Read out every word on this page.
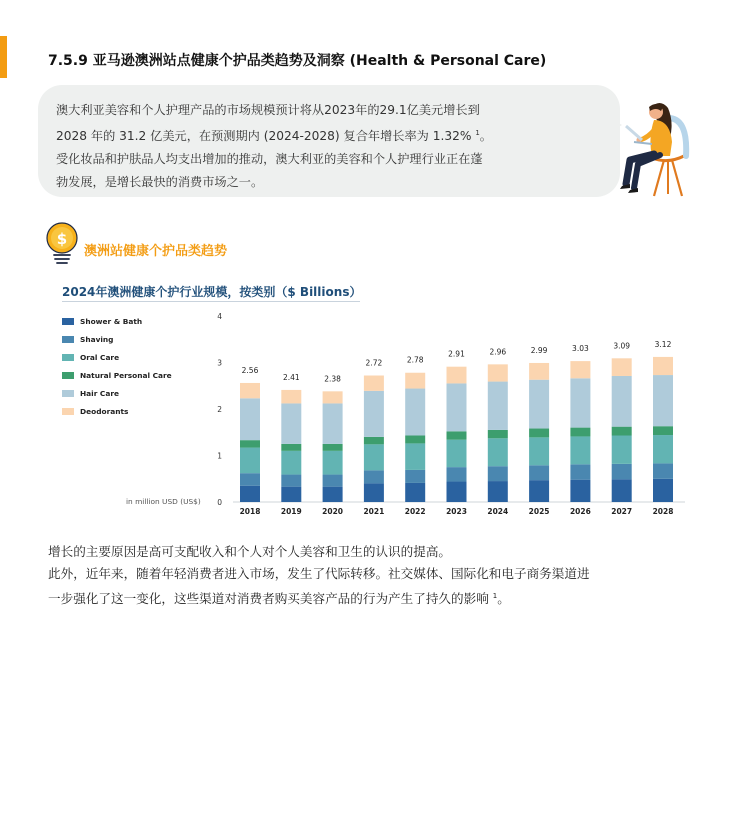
7.5.9 亚马逊澳洲站点健康个护品类趋势及洞察 (Health & Personal Care)

澳大利亚美容和个人护理产品的市场规模预计将从2023年的29.1亿美元增长到

2028 年的 31.2 亿美元，在预测期内 (2024-2028) 复合年增长率为 1.32% $^1$。

受化妆品和护肤品人均支出增加的推动，澳大利亚的美容和个人护理行业正在蓬

勃发展，是增长最快的消费市场之一。

$
澳洲站健康个护品类趋势
2024年澳洲健康个护行业规模，按类别（$ Billions）
Shower & Bath
Shaving
Oral Care
Natural Personal Care
Hair Care
Deodorants
0
1
2
3
4
2.56
2018
2.41
2019
2.38
2020
2.72
2021
2.78
2022
2.91
2023
2.96
2024
2.99
2025
3.03
2026
3.09
2027
3.12
2028
in million USD (US$)

增长的主要原因是高可支配收入和个人对个人美容和卫生的认识的提高。

此外，近年来，随着年轻消费者进入市场，发生了代际转移。社交媒体、国际化和电子商务渠道进

一步强化了这一变化，这些渠道对消费者购买美容产品的行为产生了持久的影响 $^1$。
